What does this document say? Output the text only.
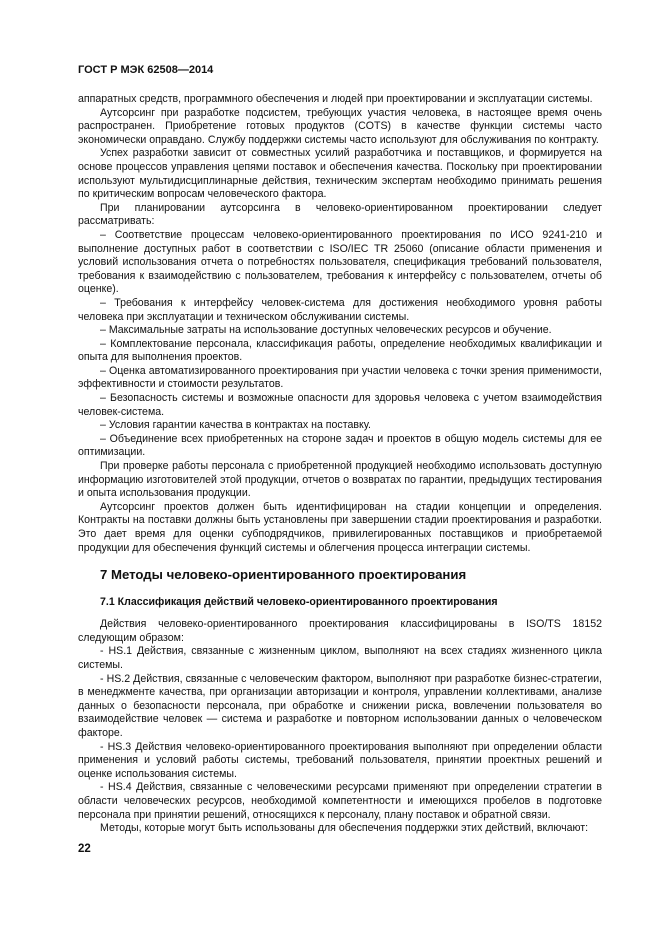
ГОСТ Р МЭК 62508—2014

аппаратных средств, программного обеспечения и людей при проектировании и эксплуатации системы.

Аутсорсинг при разработке подсистем, требующих участия человека, в настоящее время очень распространен. Приобретение готовых продуктов (COTS) в качестве функции системы часто экономически оправдано. Службу поддержки системы часто используют для обслуживания по контракту.

Успех разработки зависит от совместных усилий разработчика и поставщиков, и формируется на основе процессов управления цепями поставок и обеспечения качества. Поскольку при проектировании используют мультидисциплинарные действия, техническим экспертам необходимо принимать решения по критическим вопросам человеческого фактора.

При планировании аутсорсинга в человеко-ориентированном проектировании следует рассматривать:

– Соответствие процессам человеко-ориентированного проектирования по ИСО 9241-210 и выполнение доступных работ в соответствии с ISO/IEC TR 25060 (описание области применения и условий использования отчета о потребностях пользователя, спецификация требований пользователя, требования к взаимодействию с пользователем, требования к интерфейсу с пользователем, отчеты об оценке).

– Требования к интерфейсу человек-система для достижения необходимого уровня работы человека при эксплуатации и техническом обслуживании системы.

– Максимальные затраты на использование доступных человеческих ресурсов и обучение.

– Комплектование персонала, классификация работы, определение необходимых квалификации и опыта для выполнения проектов.

– Оценка автоматизированного проектирования при участии человека с точки зрения применимости, эффективности и стоимости результатов.

– Безопасность системы и возможные опасности для здоровья человека с учетом взаимодействия человек-система.

– Условия гарантии качества в контрактах на поставку.

– Объединение всех приобретенных на стороне задач и проектов в общую модель системы для ее оптимизации.

При проверке работы персонала с приобретенной продукцией необходимо использовать доступную информацию изготовителей этой продукции, отчетов о возвратах по гарантии, предыдущих тестирования и опыта использования продукции.

Аутсорсинг проектов должен быть идентифицирован на стадии концепции и определения. Контракты на поставки должны быть установлены при завершении стадии проектирования и разработки. Это дает время для оценки субподрядчиков, привилегированных поставщиков и приобретаемой продукции для обеспечения функций системы и облегчения процесса интеграции системы.

7 Методы человеко-ориентированного проектирования
7.1 Классификация действий человеко-ориентированного проектирования

Действия человеко-ориентированного проектирования классифицированы в ISO/TS 18152 следующим образом:

- HS.1 Действия, связанные с жизненным циклом, выполняют на всех стадиях жизненного цикла системы.

- HS.2 Действия, связанные с человеческим фактором, выполняют при разработке бизнес-стратегии, в менеджменте качества, при организации авторизации и контроля, управлении коллективами, анализе данных о безопасности персонала, при обработке и снижении риска, вовлечении пользователя во взаимодействие человек — система и разработке и повторном использовании данных о человеческом факторе.

- HS.3 Действия человеко-ориентированного проектирования выполняют при определении области применения и условий работы системы, требований пользователя, принятии проектных решений и оценке использования системы.

- HS.4 Действия, связанные с человеческими ресурсами применяют при определении стратегии в области человеческих ресурсов, необходимой компетентности и имеющихся пробелов в подготовке персонала при принятии решений, относящихся к персоналу, плану поставок и обратной связи.

Методы, которые могут быть использованы для обеспечения поддержки этих действий, включают:

22
